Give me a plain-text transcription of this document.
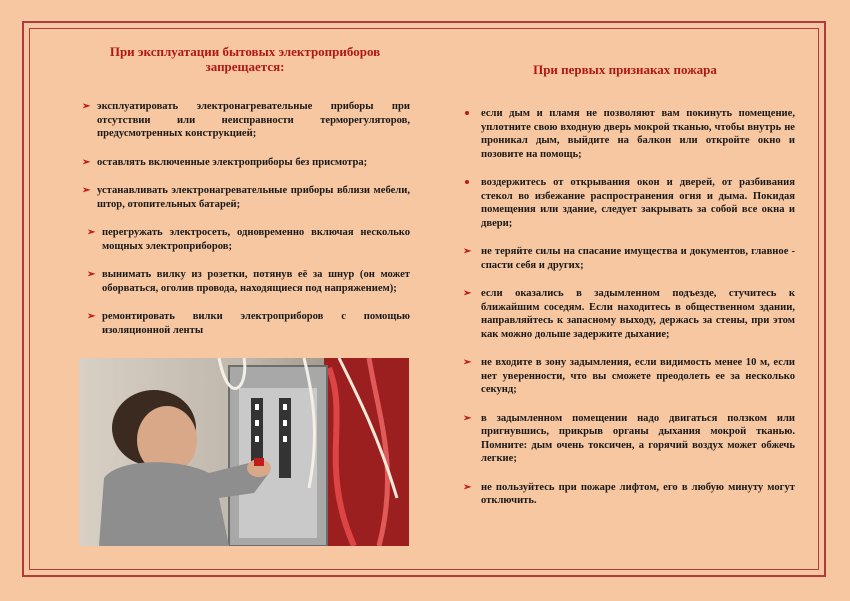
При эксплуатации бытовых электроприборов запрещается:
➢ эксплуатировать электронагревательные приборы при отсутствии или неисправности терморегуляторов, предусмотренных конструкцией;
➢ оставлять включенные электроприборы без присмотра;
➢ устанавливать электронагревательные приборы вблизи мебели, штор, отопительных батарей;
➢ перегружать электросеть, одновременно включая несколько мощных электроприборов;
➢ вынимать вилку из розетки, потянув её за шнур (он может оборваться, оголив провода, находящиеся под напряжением);
➢ ремонтировать вилки электроприборов с помощью изоляционной ленты
При первых признаках пожара
если дым и пламя не позволяют вам покинуть помещение, уплотните свою входную дверь мокрой тканью, чтобы внутрь не проникал дым, выйдите на балкон или откройте окно и позовите на помощь;
воздержитесь от открывания окон и дверей, от разбивания стекол во избежание распространения огня и дыма. Покидая помещения или здание, следует закрывать за собой все окна и двери;
➢ не теряйте силы на спасание имущества и документов, главное - спасти себя и других;
➢ если оказались в задымленном подъезде, стучитесь к ближайшим соседям. Если находитесь в общественном здании, направляйтесь к запасному выходу, держась за стены, при этом как можно дольше задержите дыхание;
➢ не входите в зону задымления, если видимость менее 10 м, если нет уверенности, что вы сможете преодолеть ее за несколько секунд;
➢ в задымленном помещении надо двигаться ползком или пригнувшись, прикрыв органы дыхания мокрой тканью. Помните: дым очень токсичен, а горячий воздух может обжечь легкие;
➢ не пользуйтесь при пожаре лифтом, его в любую минуту могут отключить.
